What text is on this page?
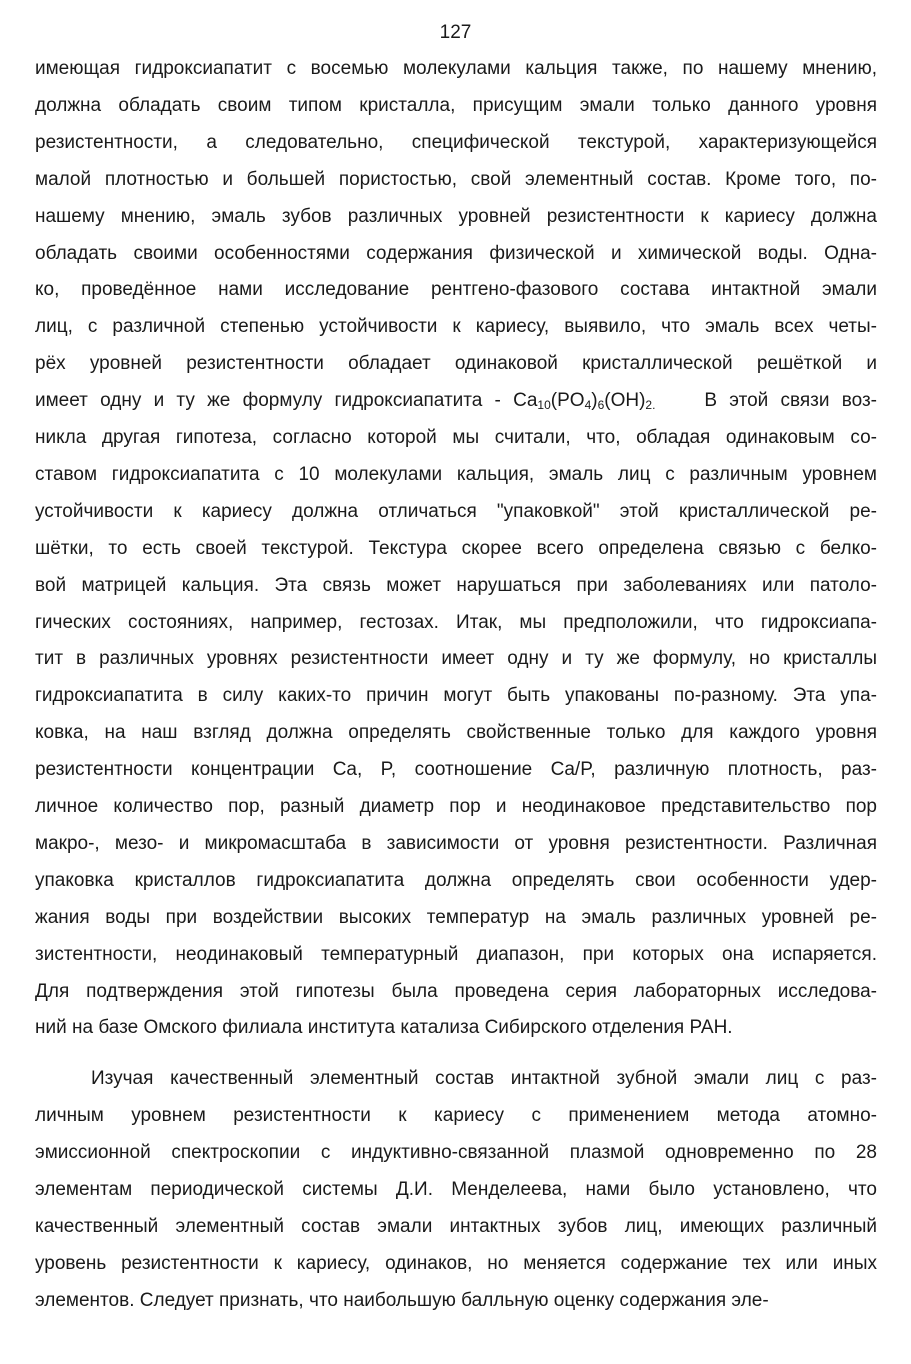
127
имеющая гидроксиапатит с восемью молекулами кальция также, по нашему мнению,
должна обладать своим типом кристалла, присущим эмали только данного уровня
резистентности, а следовательно, специфической текстурой, характеризующейся
малой плотностью и большей пористостью, свой элементный состав. Кроме того, по-
нашему мнению, эмаль зубов различных уровней резистентности к кариесу должна
обладать своими особенностями содержания физической и химической воды. Одна-
ко, проведённое нами исследование рентгено-фазового состава интактной эмали
лиц, с различной степенью устойчивости к кариесу, выявило, что эмаль всех четы-
рёх уровней резистентности обладает одинаковой кристаллической решёткой и
имеет одну и ту же формулу гидроксиапатита - $Ca_{10}(PO_4)_6(OH)_{2.}$	В этой связи воз-
никла другая гипотеза, согласно которой мы считали, что, обладая одинаковым со-
ставом гидроксиапатита с 10 молекулами кальция, эмаль лиц с различным уровнем
устойчивости к кариесу должна отличаться "упаковкой" этой кристаллической ре-
шётки, то есть своей текстурой. Текстура скорее всего определена связью с белко-
вой матрицей кальция. Эта связь может нарушаться при заболеваниях или патоло-
гических состояниях, например, гестозах. Итак, мы предположили, что гидроксиапа-
тит в различных уровнях резистентности имеет одну и ту же формулу, но кристаллы
гидроксиапатита в силу каких-то причин могут быть упакованы по-разному. Эта упа-
ковка, на наш взгляд должна определять свойственные только для каждого уровня
резистентности концентрации Ca, P, соотношение Ca/P, различную плотность, раз-
личное количество пор, разный диаметр пор и неодинаковое представительство пор
макро-, мезо- и микромасштаба в зависимости от уровня резистентности. Различная
упаковка кристаллов гидроксиапатита должна определять свои особенности удер-
жания воды при воздействии высоких температур на эмаль различных уровней ре-
зистентности, неодинаковый температурный диапазон, при которых она испаряется.
Для подтверждения этой гипотезы была проведена серия лабораторных исследова-
ний на базе Омского филиала института катализа Сибирского отделения РАН.
Изучая качественный элементный состав интактной зубной эмали лиц с раз-
личным уровнем резистентности к кариесу с применением метода атомно-
эмиссионной спектроскопии с индуктивно-связанной плазмой одновременно по 28
элементам периодической системы Д.И. Менделеева, нами было установлено, что
качественный элементный состав эмали интактных зубов лиц, имеющих различный
уровень резистентности к кариесу, одинаков, но меняется содержание тех или иных
элементов. Следует признать, что наибольшую балльную оценку содержания эле-
